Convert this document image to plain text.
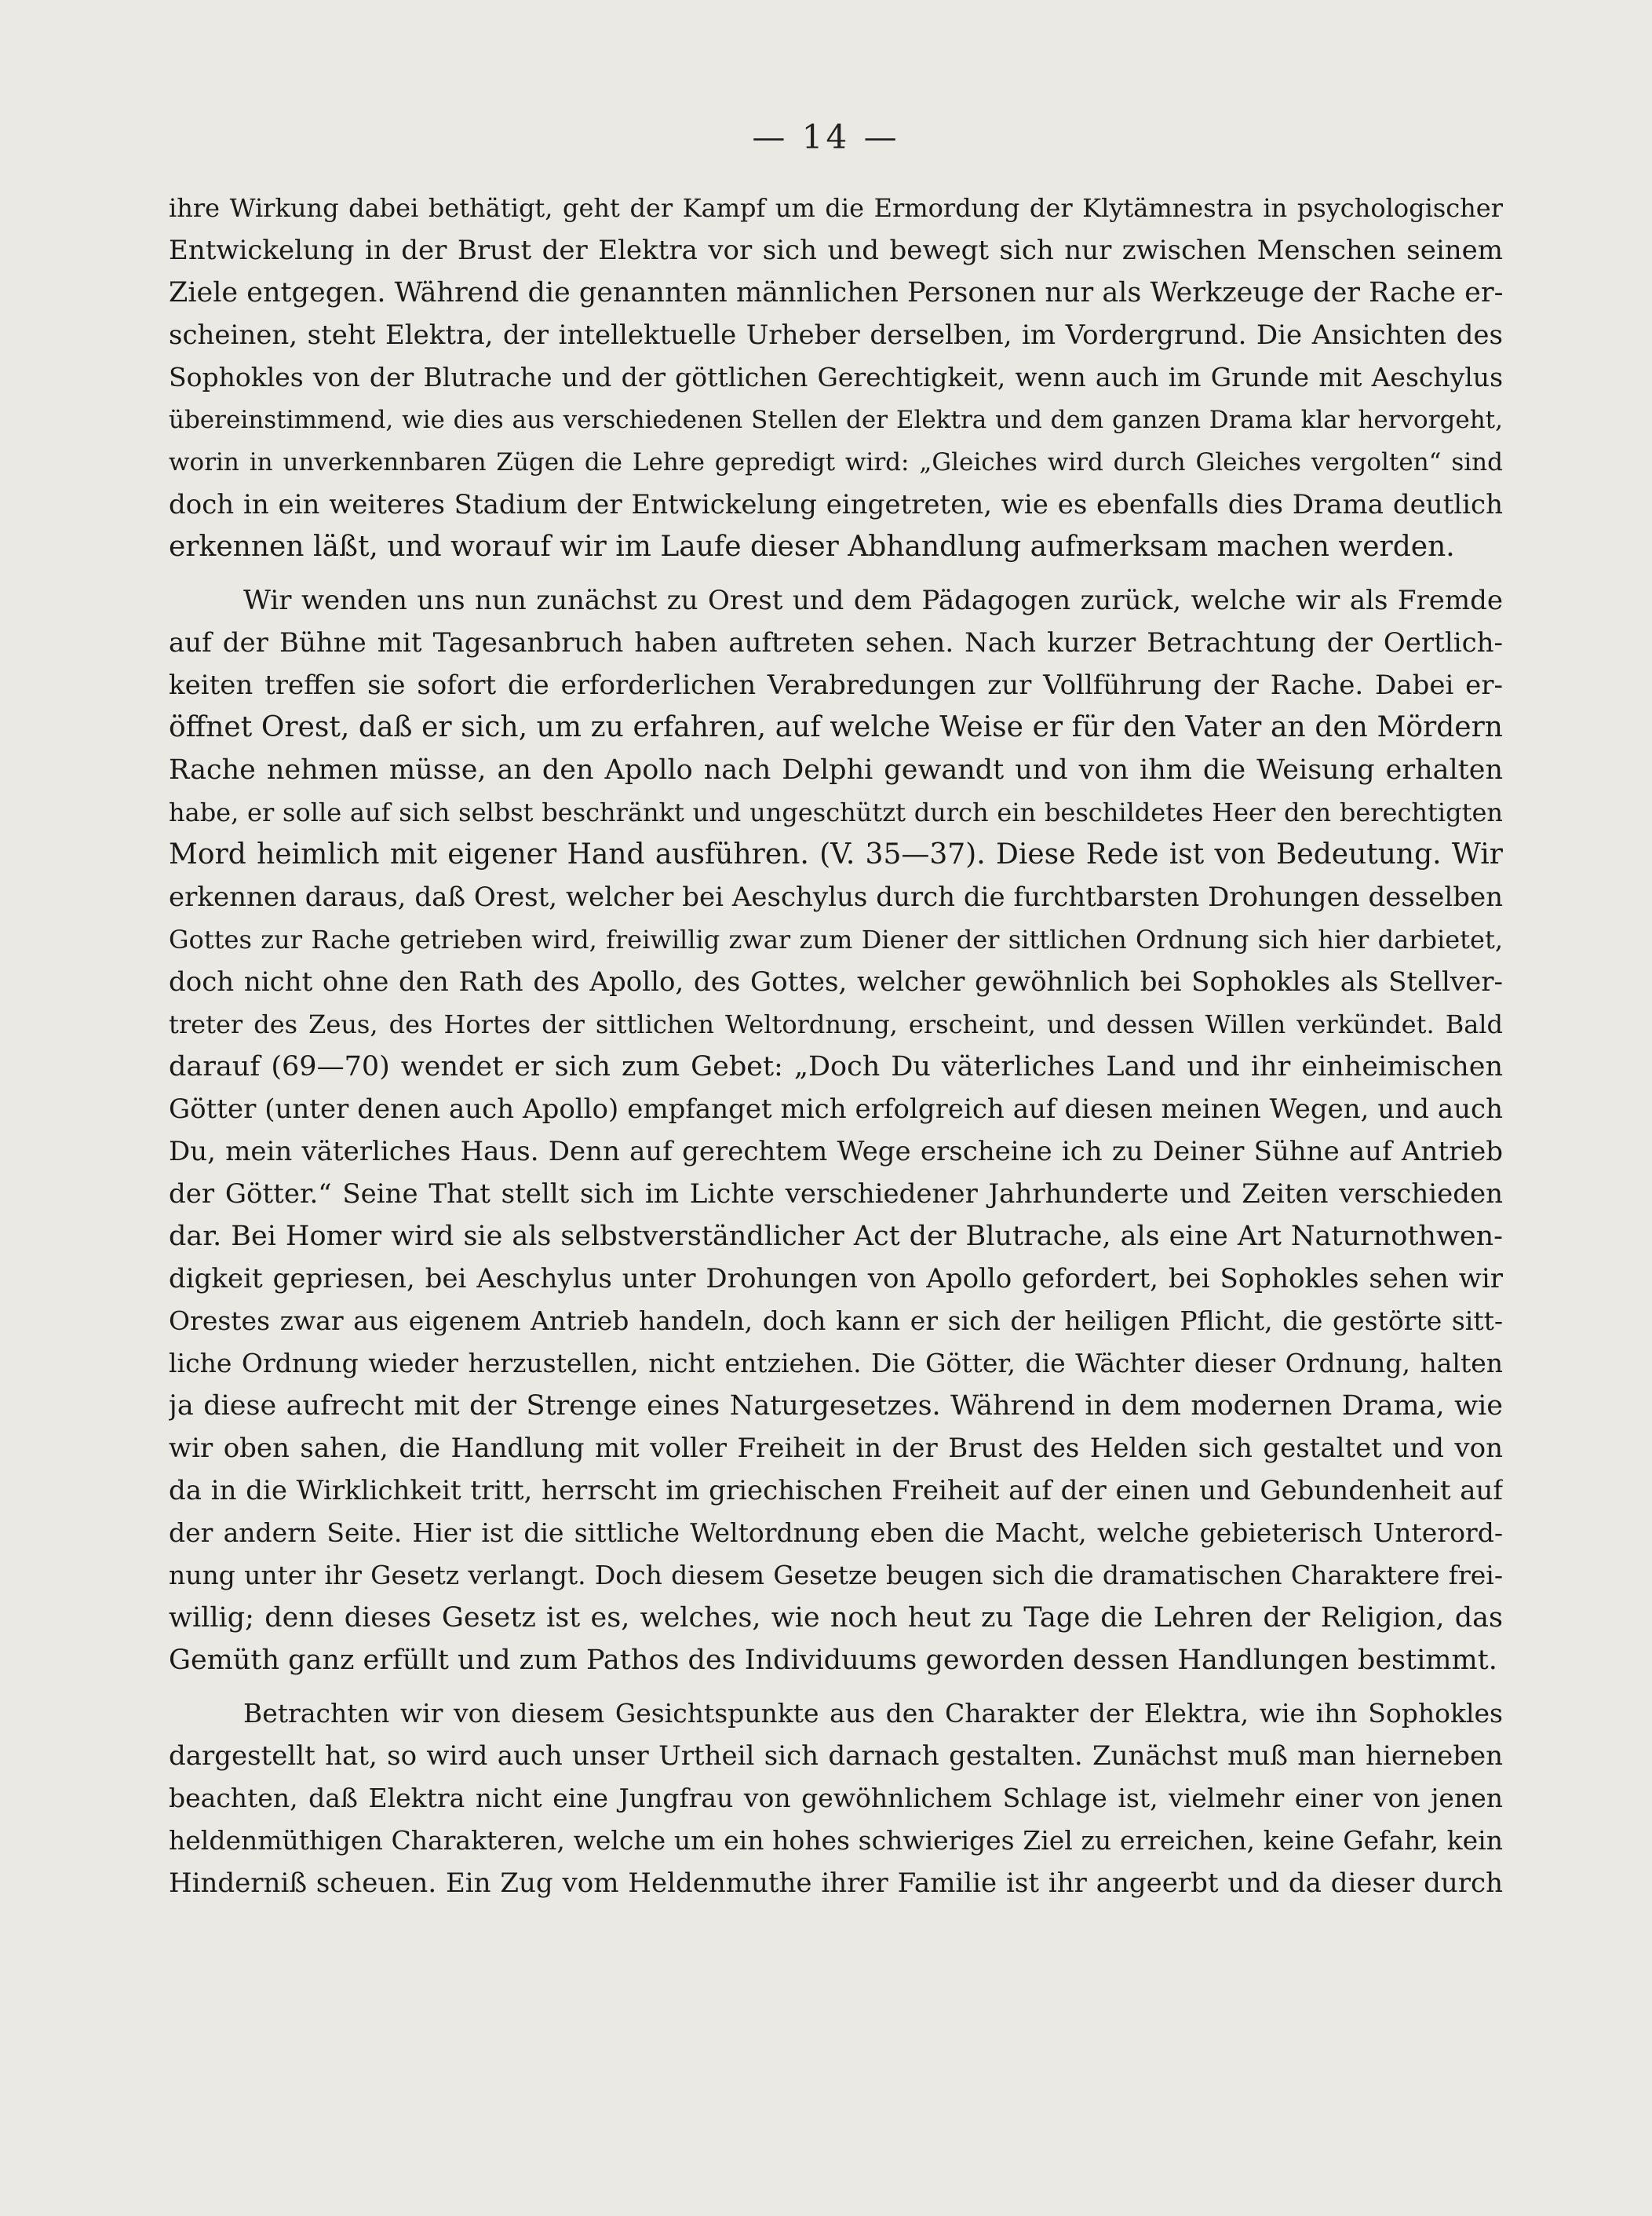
— 14 —
ihre Wirkung dabei bethätigt, geht der Kampf um die Ermordung der Klytämnestra in psychologischer
Entwickelung in der Brust der Elektra vor sich und bewegt sich nur zwischen Menschen seinem
Ziele entgegen. Während die genannten männlichen Personen nur als Werkzeuge der Rache er-
scheinen, steht Elektra, der intellektuelle Urheber derselben, im Vordergrund. Die Ansichten des
Sophokles von der Blutrache und der göttlichen Gerechtigkeit, wenn auch im Grunde mit Aeschylus
übereinstimmend, wie dies aus verschiedenen Stellen der Elektra und dem ganzen Drama klar hervorgeht,
worin in unverkennbaren Zügen die Lehre gepredigt wird: „Gleiches wird durch Gleiches vergolten“ sind
doch in ein weiteres Stadium der Entwickelung eingetreten, wie es ebenfalls dies Drama deutlich
erkennen läßt, und worauf wir im Laufe dieser Abhandlung aufmerksam machen werden.
Wir wenden uns nun zunächst zu Orest und dem Pädagogen zurück, welche wir als Fremde
auf der Bühne mit Tagesanbruch haben auftreten sehen. Nach kurzer Betrachtung der Oertlich-
keiten treffen sie sofort die erforderlichen Verabredungen zur Vollführung der Rache. Dabei er-
öffnet Orest, daß er sich, um zu erfahren, auf welche Weise er für den Vater an den Mördern
Rache nehmen müsse, an den Apollo nach Delphi gewandt und von ihm die Weisung erhalten
habe, er solle auf sich selbst beschränkt und ungeschützt durch ein beschildetes Heer den berechtigten
Mord heimlich mit eigener Hand ausführen. (V. 35—37). Diese Rede ist von Bedeutung. Wir
erkennen daraus, daß Orest, welcher bei Aeschylus durch die furchtbarsten Drohungen desselben
Gottes zur Rache getrieben wird, freiwillig zwar zum Diener der sittlichen Ordnung sich hier darbietet,
doch nicht ohne den Rath des Apollo, des Gottes, welcher gewöhnlich bei Sophokles als Stellver-
treter des Zeus, des Hortes der sittlichen Weltordnung, erscheint, und dessen Willen verkündet. Bald
darauf (69—70) wendet er sich zum Gebet: „Doch Du väterliches Land und ihr einheimischen
Götter (unter denen auch Apollo) empfanget mich erfolgreich auf diesen meinen Wegen, und auch
Du, mein väterliches Haus. Denn auf gerechtem Wege erscheine ich zu Deiner Sühne auf Antrieb
der Götter.“ Seine That stellt sich im Lichte verschiedener Jahrhunderte und Zeiten verschieden
dar. Bei Homer wird sie als selbstverständlicher Act der Blutrache, als eine Art Naturnothwen-
digkeit gepriesen, bei Aeschylus unter Drohungen von Apollo gefordert, bei Sophokles sehen wir
Orestes zwar aus eigenem Antrieb handeln, doch kann er sich der heiligen Pflicht, die gestörte sitt-
liche Ordnung wieder herzustellen, nicht entziehen. Die Götter, die Wächter dieser Ordnung, halten
ja diese aufrecht mit der Strenge eines Naturgesetzes. Während in dem modernen Drama, wie
wir oben sahen, die Handlung mit voller Freiheit in der Brust des Helden sich gestaltet und von
da in die Wirklichkeit tritt, herrscht im griechischen Freiheit auf der einen und Gebundenheit auf
der andern Seite. Hier ist die sittliche Weltordnung eben die Macht, welche gebieterisch Unterord-
nung unter ihr Gesetz verlangt. Doch diesem Gesetze beugen sich die dramatischen Charaktere frei-
willig; denn dieses Gesetz ist es, welches, wie noch heut zu Tage die Lehren der Religion, das
Gemüth ganz erfüllt und zum Pathos des Individuums geworden dessen Handlungen bestimmt.
Betrachten wir von diesem Gesichtspunkte aus den Charakter der Elektra, wie ihn Sophokles
dargestellt hat, so wird auch unser Urtheil sich darnach gestalten. Zunächst muß man hierneben
beachten, daß Elektra nicht eine Jungfrau von gewöhnlichem Schlage ist, vielmehr einer von jenen
heldenmüthigen Charakteren, welche um ein hohes schwieriges Ziel zu erreichen, keine Gefahr, kein
Hinderniß scheuen. Ein Zug vom Heldenmuthe ihrer Familie ist ihr angeerbt und da dieser durch
